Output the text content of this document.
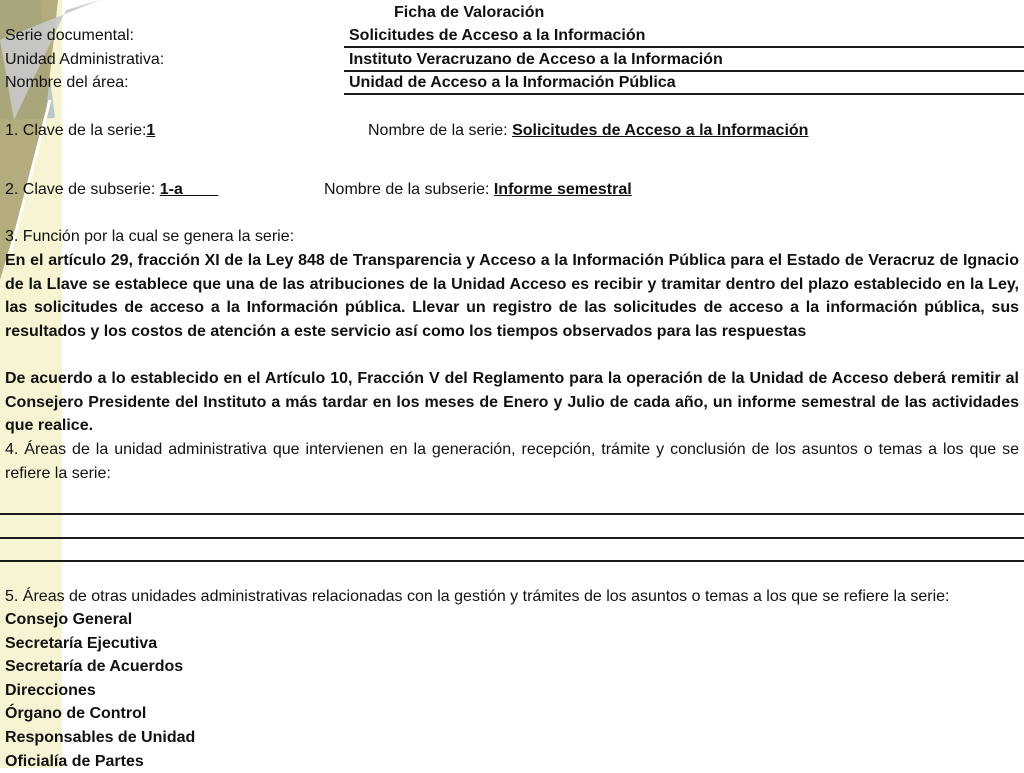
Ficha de Valoración
Serie documental:	Solicitudes de Acceso a la Información
Unidad Administrativa:	Instituto Veracruzano de Acceso a la Información
Nombre del área:	Unidad de Acceso a la Información Pública
1. Clave de la serie:1	Nombre de la serie: Solicitudes de Acceso a la Información
2. Clave de subserie: 1-a	Nombre de la subserie: Informe semestral
3. Función por la cual se genera la serie:
En el artículo 29, fracción XI de la Ley 848 de Transparencia y Acceso a la Información Pública para el Estado de Veracruz de Ignacio de la Llave se establece que una de las atribuciones de la Unidad Acceso es recibir y tramitar dentro del plazo establecido en la Ley, las solicitudes de acceso a la Información pública. Llevar un registro de las solicitudes de acceso a la información pública, sus resultados y los costos de atención a este servicio así como los tiempos observados para las respuestas
De acuerdo a lo establecido en el Artículo 10, Fracción V del Reglamento para la operación de la Unidad de Acceso deberá remitir al Consejero Presidente del Instituto a más tardar en los meses de Enero y Julio de cada año, un informe semestral de las actividades que realice.
4. Áreas de la unidad administrativa que intervienen en la generación, recepción, trámite y conclusión de los asuntos o temas a los que se refiere la serie:
5. Áreas de otras unidades administrativas relacionadas con la gestión y trámites de los asuntos o temas a los que se refiere la serie:
Consejo General
Secretaría Ejecutiva
Secretaría de Acuerdos
Direcciones
Órgano de Control
Responsables de Unidad
Oficialía de Partes
